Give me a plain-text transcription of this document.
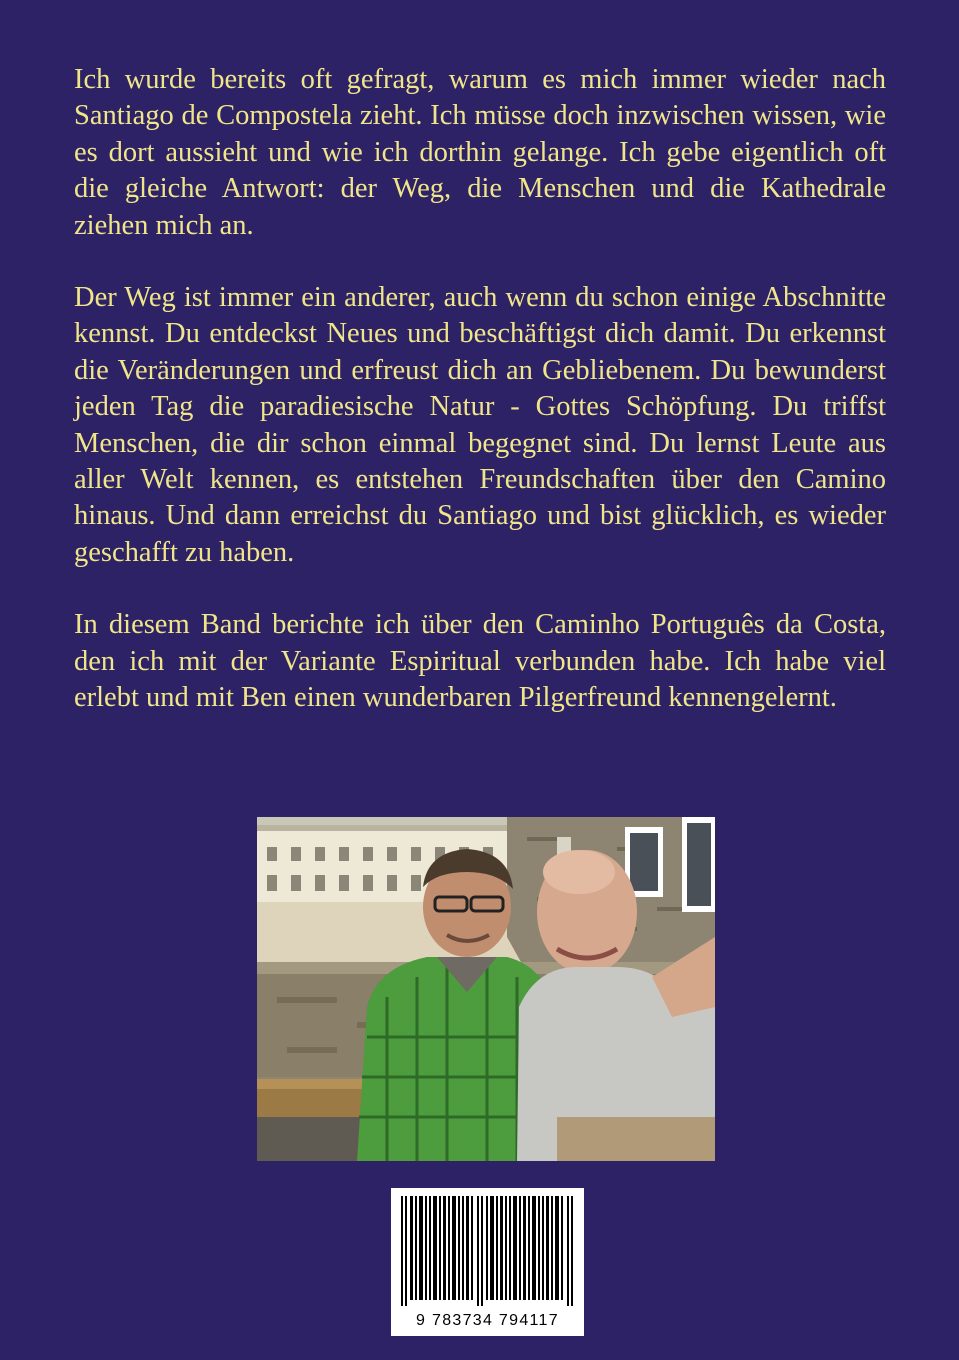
Ich wurde bereits oft gefragt, warum es mich immer wieder nach Santiago de Compostela zieht. Ich müsse doch inzwischen wissen, wie es dort aussieht und wie ich dorthin gelange. Ich gebe eigentlich oft die gleiche Antwort: der Weg, die Menschen und die Kathedrale ziehen mich an.

Der Weg ist immer ein anderer, auch wenn du schon einige Abschnitte kennst. Du entdeckst Neues und beschäftigst dich damit. Du erkennst die Veränderungen und erfreust dich an Gebliebenem. Du bewunderst jeden Tag die paradiesische Natur - Gottes Schöpfung. Du triffst Menschen, die dir schon einmal begegnet sind. Du lernst Leute aus aller Welt kennen, es entstehen Freundschaften über den Camino hinaus. Und dann erreichst du Santiago und bist glücklich, es wieder geschafft zu haben.

In diesem Band berichte ich über den Caminho Português da Costa, den ich mit der Variante Espiritual verbunden habe. Ich habe viel erlebt und mit Ben einen wunderbaren Pilgerfreund kennengelernt.

9 783734 794117
